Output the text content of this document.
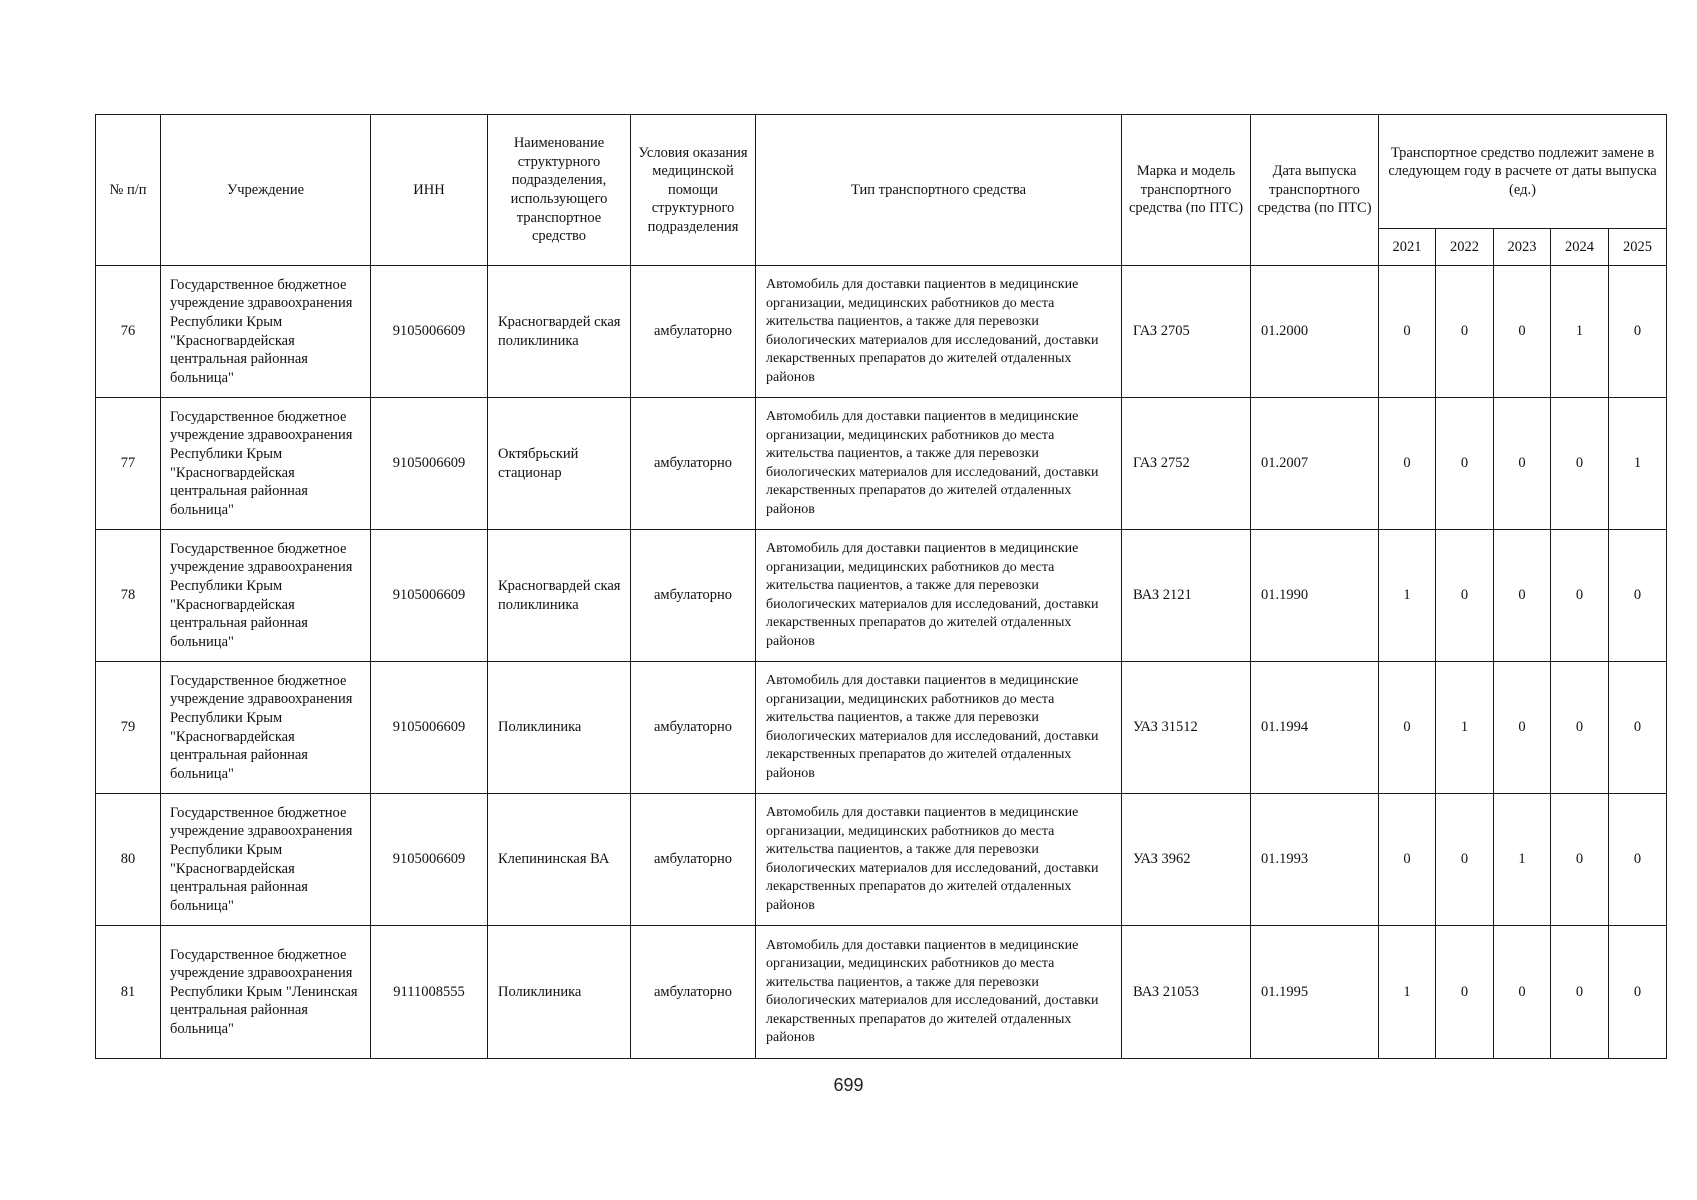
№ п/п	Учреждение	ИНН	Наименование структурного подразделения, использующего транспортное средство	Условия оказания медицинской помощи структурного подразделения	Тип транспортного средства	Марка и модель транспортного средства (по ПТС)	Дата выпуска транспортного средства (по ПТС)	Транспортное средство подлежит замене в следующем году в расчете от даты выпуска (ед.)				
								2021	2022	2023	2024	2025
76	Государственное бюджетное учреждение здравоохранения Республики Крым "Красногвардейская центральная районная больница"	9105006609	Красногвардей ская поликлиника	амбулаторно	Автомобиль для доставки пациентов в медицинские организации, медицинских работников до места жительства пациентов, а также для перевозки биологических материалов для исследований, доставки лекарственных препаратов до жителей отдаленных районов	ГАЗ 2705	01.2000	0	0	0	1	0
77	Государственное бюджетное учреждение здравоохранения Республики Крым "Красногвардейская центральная районная больница"	9105006609	Октябрьский стационар	амбулаторно	Автомобиль для доставки пациентов в медицинские организации, медицинских работников до места жительства пациентов, а также для перевозки биологических материалов для исследований, доставки лекарственных препаратов до жителей отдаленных районов	ГАЗ 2752	01.2007	0	0	0	0	1
78	Государственное бюджетное учреждение здравоохранения Республики Крым "Красногвардейская центральная районная больница"	9105006609	Красногвардей ская поликлиника	амбулаторно	Автомобиль для доставки пациентов в медицинские организации, медицинских работников до места жительства пациентов, а также для перевозки биологических материалов для исследований, доставки лекарственных препаратов до жителей отдаленных районов	ВАЗ 2121	01.1990	1	0	0	0	0
79	Государственное бюджетное учреждение здравоохранения Республики Крым "Красногвардейская центральная районная больница"	9105006609	Поликлиника	амбулаторно	Автомобиль для доставки пациентов в медицинские организации, медицинских работников до места жительства пациентов, а также для перевозки биологических материалов для исследований, доставки лекарственных препаратов до жителей отдаленных районов	УАЗ 31512	01.1994	0	1	0	0	0
80	Государственное бюджетное учреждение здравоохранения Республики Крым "Красногвардейская центральная районная больница"	9105006609	Клепининская ВА	амбулаторно	Автомобиль для доставки пациентов в медицинские организации, медицинских работников до места жительства пациентов, а также для перевозки биологических материалов для исследований, доставки лекарственных препаратов до жителей отдаленных районов	УАЗ 3962	01.1993	0	0	1	0	0
81	Государственное бюджетное учреждение здравоохранения Республики Крым "Ленинская центральная районная больница"	9111008555	Поликлиника	амбулаторно	Автомобиль для доставки пациентов в медицинские организации, медицинских работников до места жительства пациентов, а также для перевозки биологических материалов для исследований, доставки лекарственных препаратов до жителей отдаленных районов	ВАЗ 21053	01.1995	1	0	0	0	0
699
